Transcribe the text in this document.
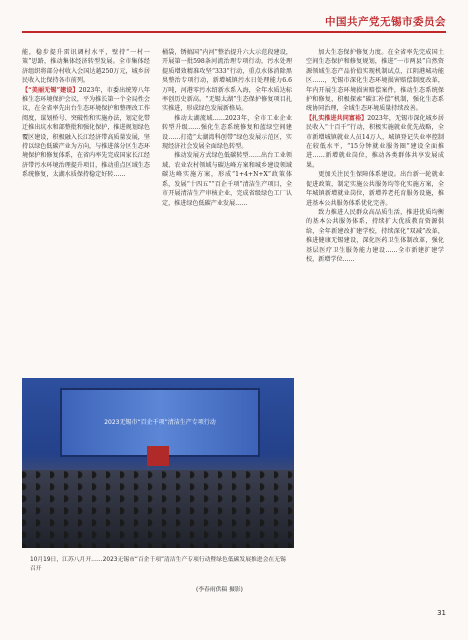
中国共产党无锡市委员会

能，稳步提升雷讯调村水平，壁持“一村一策”思路，推动集体经济转型发展。全市集体经济组织将部分村收入会国达越250万元，城乡居民收入比保持各市前列。

【“美丽无锡”建设】2023年，市委出统筹八年推生态环境保护会议，平为推长第一个全局性会议，在全省率先出台生态环境保护和整理改工作阅度，谋划桥号、突破性和实施办法，划定化带迁推出坑水和部整批和强化保护，推进规划绿色覆区建设，积极融入长江经济带高质量发展，坚持以绿色低碳产业为方向，与推进落分区生态环境保护和修复体系，在省内率先完成国家长江经济带污水环境治理提升项目，推动重点区域生态系统修复，太湖水质保持稳定好转……

桶袋，锈搞国“内河”整治提升六大示范段建设，开展第一批598条河流治理专项行动，污水处理提质增效精准攻坚“333”行动，重点水体消除黑臭整治专项行动，新增城镇污水日处理能力6.6万吨，河港零污水绍新水系入海，全年水质达标率创历史新高。“无锡太湖”生态保护修复项目扎实推进，形成绿色发展新格局。

推动太湖流域……2023年，全市工业企业转型升级……强化生态系统修复和蓝绿空间建设……打造“太湖湾科创带”绿色发展示范区，实现经济社会发展全面绿色转型。

推动发展方式绿色低碳转型……出台工业领域、农业农村领域与碳达峰方案和城乡建设领域碳达峰实施方案，形成“1+4+N+X”政策体系，发展“十四五”“百企千项”清洁生产项目，全市开展清洁生产审核企业，完成省级绿色工厂认定，推进绿色低碳产业发展……

加大生态保护修复力度。在全省率先完成国土空间生态保护和修复规划，推进“一市两县”自然资源领域生态产品价值实现机制试点，江阴港城功能区……，无锡市深化生态环境损害赔偿制度改革，年内开展生态环境损害赔偿案件，推动生态系统保护和修复，积极探索“碳汇补偿”机制，强化生态系统协同治理，全域生态环境质量持续改善。

【扎实推进共同富裕】2023年，无锡市深化城乡居民收入“十百千”行动，积极实施就业优先战略，全市新增城镇就业人员14万人，城镇登记失业率控制在较低水平，“15分钟就业服务圈”建设全面推进……新增就业岗位，推动各类群体共享发展成果。

更加关注民生保障体系建设。出台新一轮就业促进政策，制定实施公共服务均等化实施方案，全年城镇新增就业岗位，新增养老托育服务设施，推进基本公共服务体系优化完善。

致力推进人民群众高品质生活，推进优质均衡的基本公共服务体系，持续扩大优质教育资源供给，全年新建改扩建学校，持续深化“双减”改革，推进健康无锡建设，深化医药卫生体制改革，强化基层医疗卫生服务能力建设……全市新建扩建学校，新增学位……

2023无锡市“百企千项”清洁生产专项行动
10月19日，江苏八月开……2023无锡市“百企千项”清洁生产专项行动暨绿色低碳发展推进会在无锡召开
(李春雨供稿 摄影)
31
